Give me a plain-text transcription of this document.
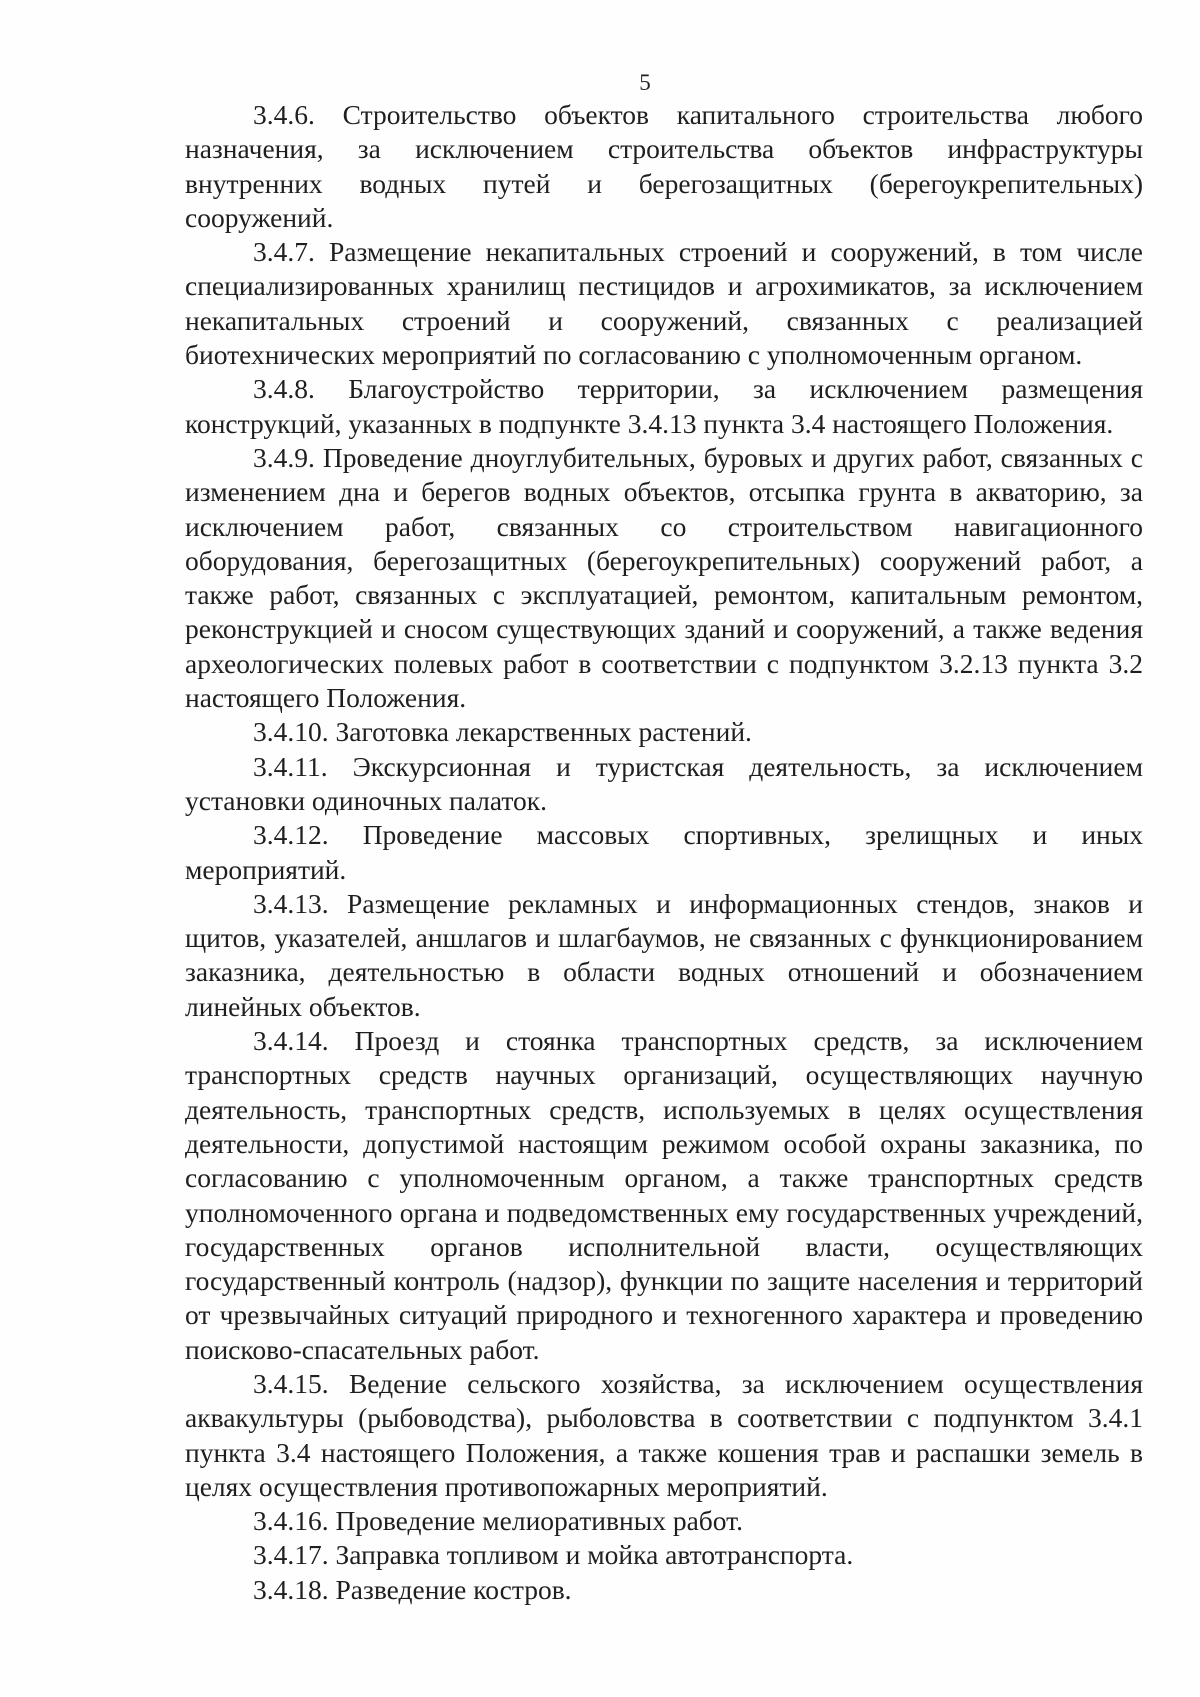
5

3.4.6. Строительство объектов капитального строительства любого назначения, за исключением строительства объектов инфраструктуры внутренних водных путей и берегозащитных (берегоукрепительных) сооружений.

3.4.7. Размещение некапитальных строений и сооружений, в том числе специализированных хранилищ пестицидов и агрохимикатов, за исключением некапитальных строений и сооружений, связанных с реализацией биотехнических мероприятий по согласованию с уполномоченным органом.

3.4.8. Благоустройство территории, за исключением размещения конструкций, указанных в подпункте 3.4.13 пункта 3.4 настоящего Положения.

3.4.9. Проведение дноуглубительных, буровых и других работ, связанных с изменением дна и берегов водных объектов, отсыпка грунта в акваторию, за исключением работ, связанных со строительством навигационного оборудования, берегозащитных (берегоукрепительных) сооружений работ, а также работ, связанных с эксплуатацией, ремонтом, капитальным ремонтом, реконструкцией и сносом существующих зданий и сооружений, а также ведения археологических полевых работ в соответствии с подпунктом 3.2.13 пункта 3.2 настоящего Положения.

3.4.10. Заготовка лекарственных растений.

3.4.11. Экскурсионная и туристская деятельность, за исключением установки одиночных палаток.

3.4.12. Проведение массовых спортивных, зрелищных и иных мероприятий.

3.4.13. Размещение рекламных и информационных стендов, знаков и щитов, указателей, аншлагов и шлагбаумов, не связанных с функционированием заказника, деятельностью в области водных отношений и обозначением линейных объектов.

3.4.14. Проезд и стоянка транспортных средств, за исключением транспортных средств научных организаций, осуществляющих научную деятельность, транспортных средств, используемых в целях осуществления деятельности, допустимой настоящим режимом особой охраны заказника, по согласованию с уполномоченным органом, а также транспортных средств уполномоченного органа и подведомственных ему государственных учреждений, государственных органов исполнительной власти, осуществляющих государственный контроль (надзор), функции по защите населения и территорий от чрезвычайных ситуаций природного и техногенного характера и проведению поисково-спасательных работ.

3.4.15. Ведение сельского хозяйства, за исключением осуществления аквакультуры (рыбоводства), рыболовства в соответствии с подпунктом 3.4.1 пункта 3.4 настоящего Положения, а также кошения трав и распашки земель в целях осуществления противопожарных мероприятий.

3.4.16. Проведение мелиоративных работ.

3.4.17. Заправка топливом и мойка автотранспорта.

3.4.18. Разведение костров.
